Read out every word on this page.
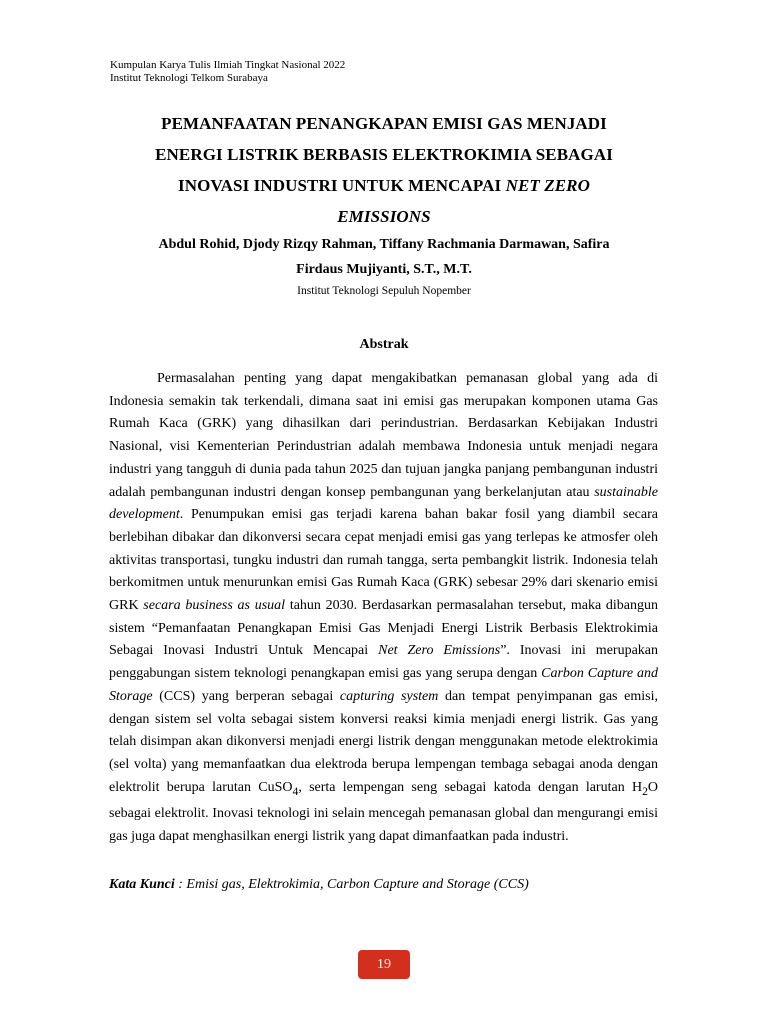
Kumpulan Karya Tulis Ilmiah Tingkat Nasional 2022
Institut Teknologi Telkom Surabaya
PEMANFAATAN PENANGKAPAN EMISI GAS MENJADI
ENERGI LISTRIK BERBASIS ELEKTROKIMIA SEBAGAI
INOVASI INDUSTRI UNTUK MENCAPAI NET ZERO
EMISSIONS
Abdul Rohid, Djody Rizqy Rahman, Tiffany Rachmania Darmawan, Safira
Firdaus Mujiyanti, S.T., M.T.
Institut Teknologi Sepuluh Nopember
Abstrak

Permasalahan penting yang dapat mengakibatkan pemanasan global yang ada di Indonesia semakin tak terkendali, dimana saat ini emisi gas merupakan komponen utama Gas Rumah Kaca (GRK) yang dihasilkan dari perindustrian. Berdasarkan Kebijakan Industri Nasional, visi Kementerian Perindustrian adalah membawa Indonesia untuk menjadi negara industri yang tangguh di dunia pada tahun 2025 dan tujuan jangka panjang pembangunan industri adalah pembangunan industri dengan konsep pembangunan yang berkelanjutan atau sustainable development. Penumpukan emisi gas terjadi karena bahan bakar fosil yang diambil secara berlebihan dibakar dan dikonversi secara cepat menjadi emisi gas yang terlepas ke atmosfer oleh aktivitas transportasi, tungku industri dan rumah tangga, serta pembangkit listrik. Indonesia telah berkomitmen untuk menurunkan emisi Gas Rumah Kaca (GRK) sebesar 29% dari skenario emisi GRK secara business as usual tahun 2030. Berdasarkan permasalahan tersebut, maka dibangun sistem “Pemanfaatan Penangkapan Emisi Gas Menjadi Energi Listrik Berbasis Elektrokimia Sebagai Inovasi Industri Untuk Mencapai Net Zero Emissions”. Inovasi ini merupakan penggabungan sistem teknologi penangkapan emisi gas yang serupa dengan Carbon Capture and Storage (CCS) yang berperan sebagai capturing system dan tempat penyimpanan gas emisi, dengan sistem sel volta sebagai sistem konversi reaksi kimia menjadi energi listrik. Gas yang telah disimpan akan dikonversi menjadi energi listrik dengan menggunakan metode elektrokimia (sel volta) yang memanfaatkan dua elektroda berupa lempengan tembaga sebagai anoda dengan elektrolit berupa larutan CuSO$_4$, serta lempengan seng sebagai katoda dengan larutan $H_2O$ sebagai elektrolit. Inovasi teknologi ini selain mencegah pemanasan global dan mengurangi emisi gas juga dapat menghasilkan energi listrik yang dapat dimanfaatkan pada industri.

Kata Kunci : Emisi gas, Elektrokimia, Carbon Capture and Storage (CCS)
19
